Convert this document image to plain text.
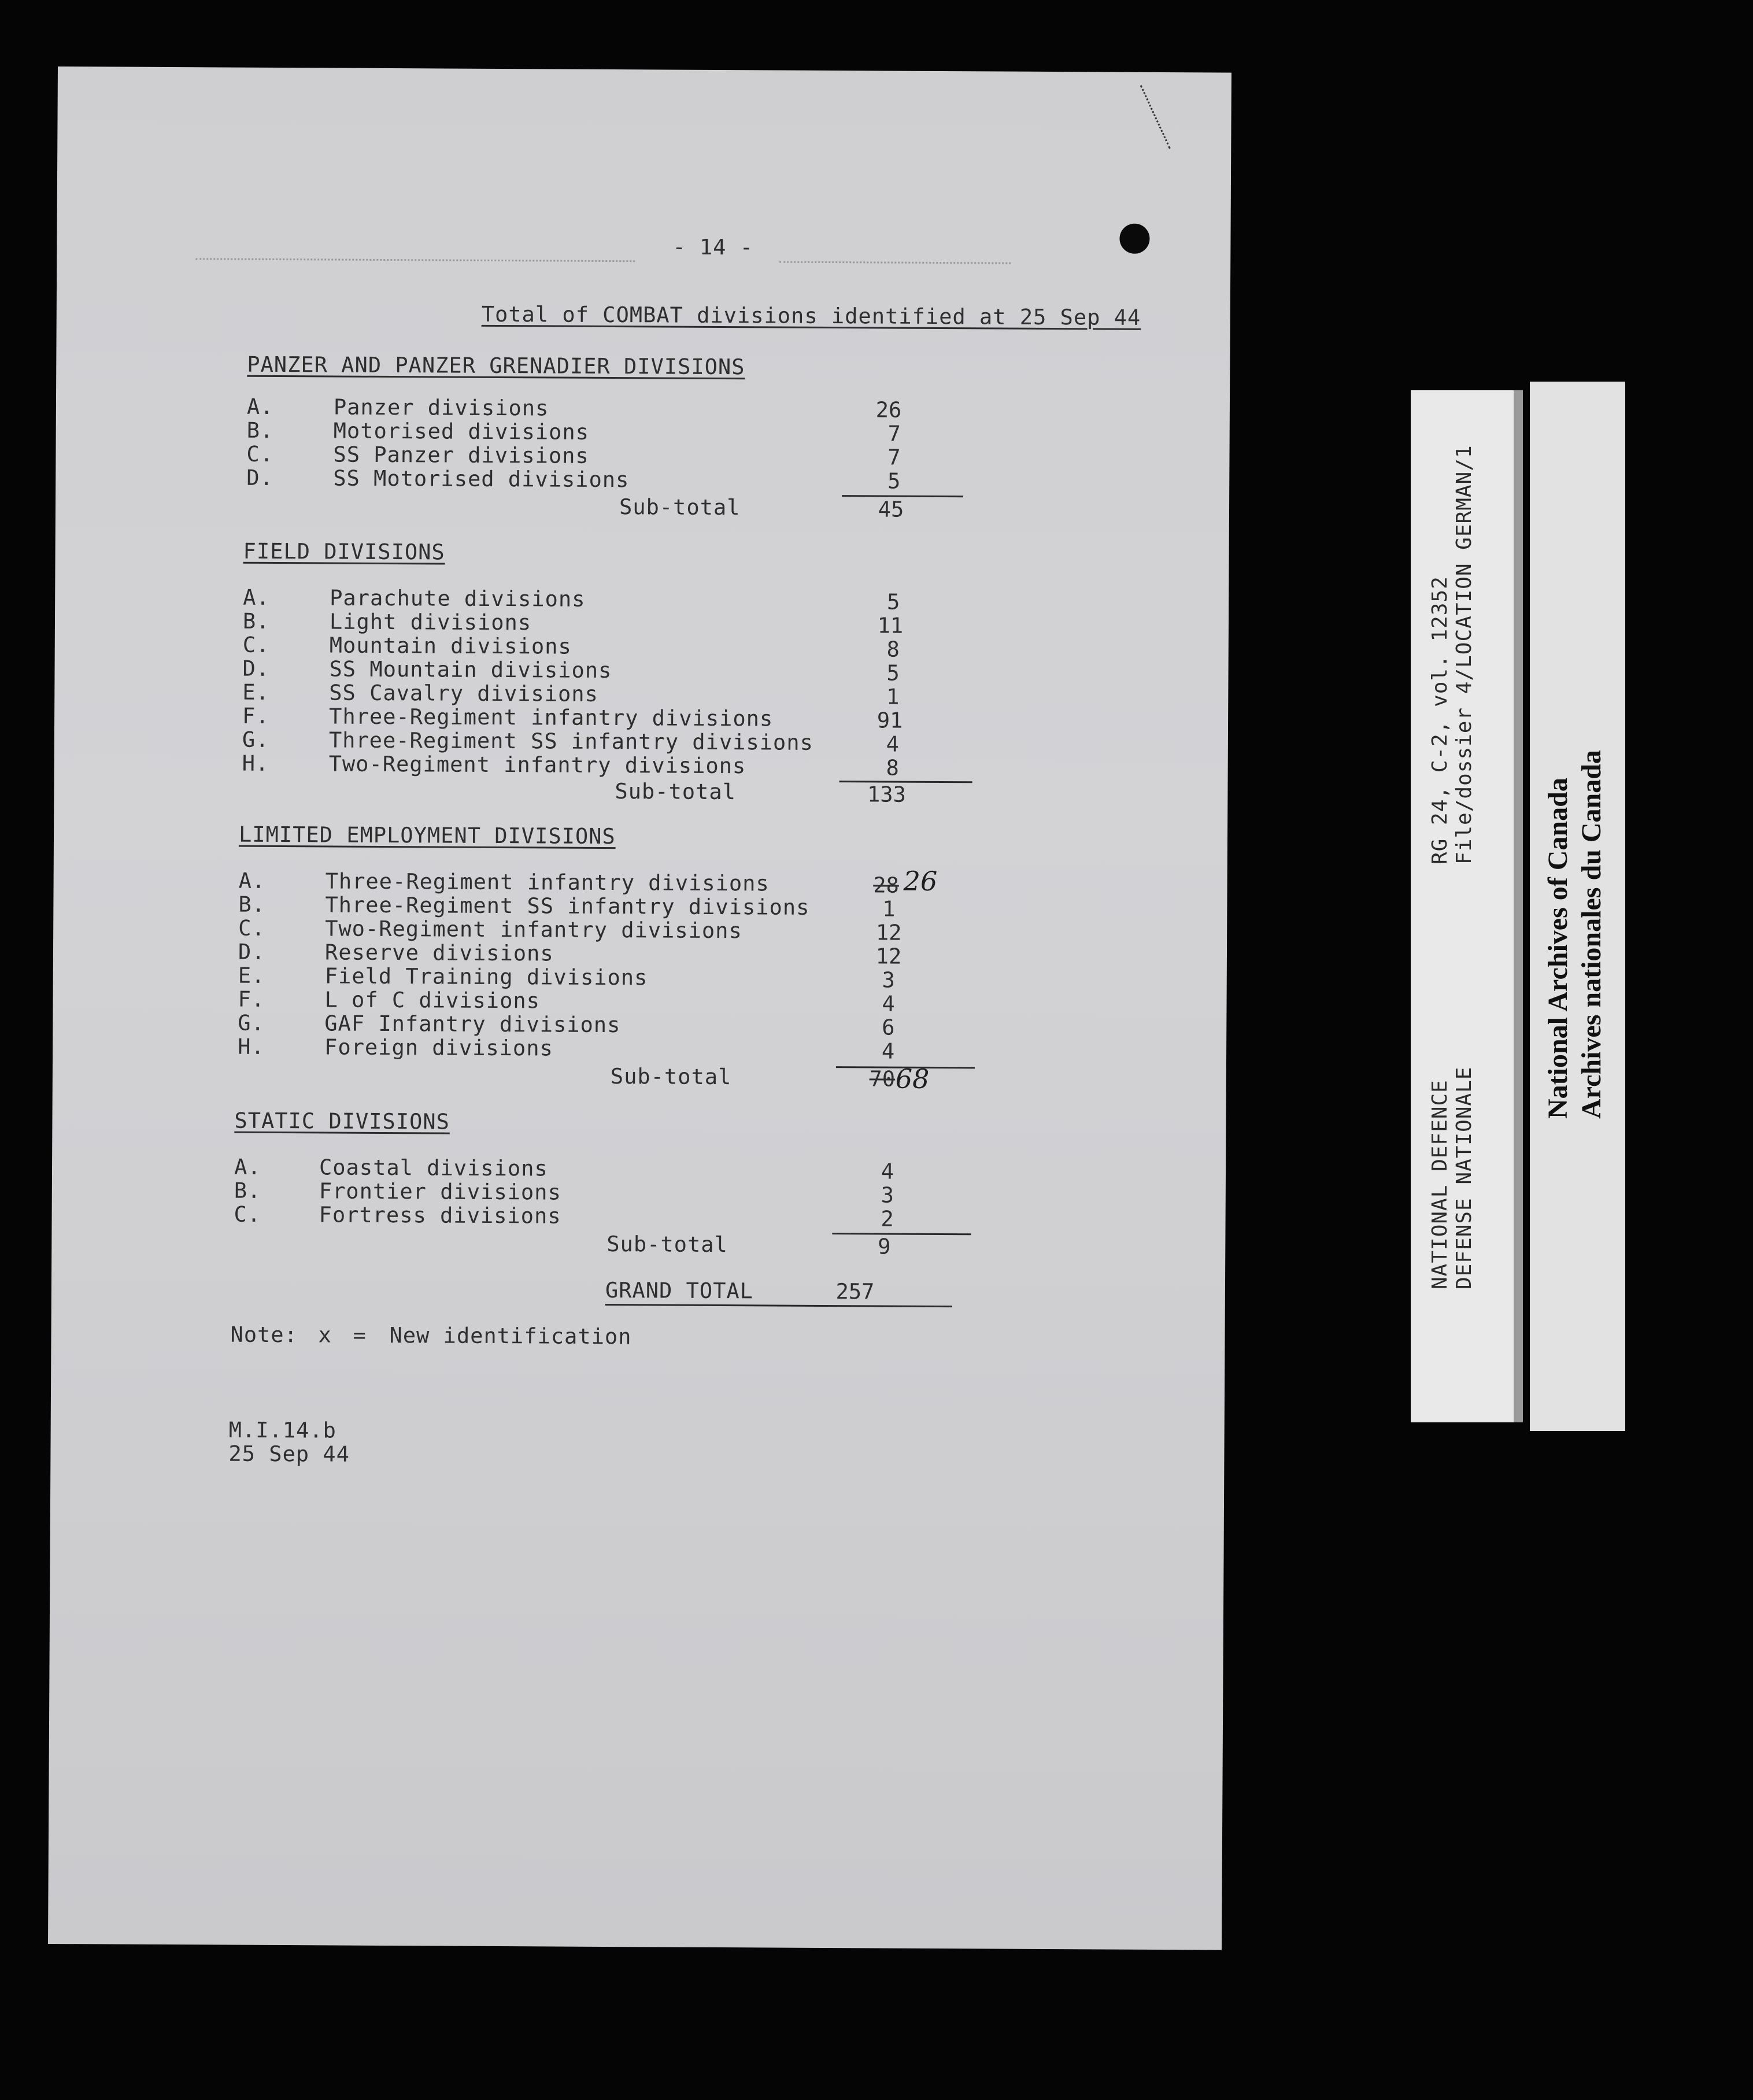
- 14 -
Total of COMBAT divisions identified at 25 Sep 44
PANZER AND PANZER GRENADIER DIVISIONS
A.	Panzer divisions	26
B.	Motorised divisions	7
C.	SS Panzer divisions	7
D.	SS Motorised divisions	5
Sub-total	45
FIELD DIVISIONS
A.	Parachute divisions	5
B.	Light divisions	11
C.	Mountain divisions	8
D.	SS Mountain divisions	5
E.	SS Cavalry divisions	1
F.	Three-Regiment infantry divisions	91
G.	Three-Regiment SS infantry divisions	4
H.	Two-Regiment infantry divisions	8
Sub-total	133
LIMITED EMPLOYMENT DIVISIONS
A.	Three-Regiment infantry divisions	28 26
B.	Three-Regiment SS infantry divisions	1
C.	Two-Regiment infantry divisions	12
D.	Reserve divisions	12
E.	Field Training divisions	3
F.	L of C divisions	4
G.	GAF Infantry divisions	6
H.	Foreign divisions	4
Sub-total	70 68
STATIC DIVISIONS
A.	Coastal divisions	4
B.	Frontier divisions	3
C.	Fortress divisions	2
Sub-total	9
GRAND TOTAL	257
Note: x = New identification
M.I.14.b
25 Sep 44
NATIONAL DEFENCE DEFENSE NATIONALE
RG 24, C-2, vol. 12352 File/dossier 4/LOCATION GERMAN/1
National Archives of Canada Archives nationales du Canada
